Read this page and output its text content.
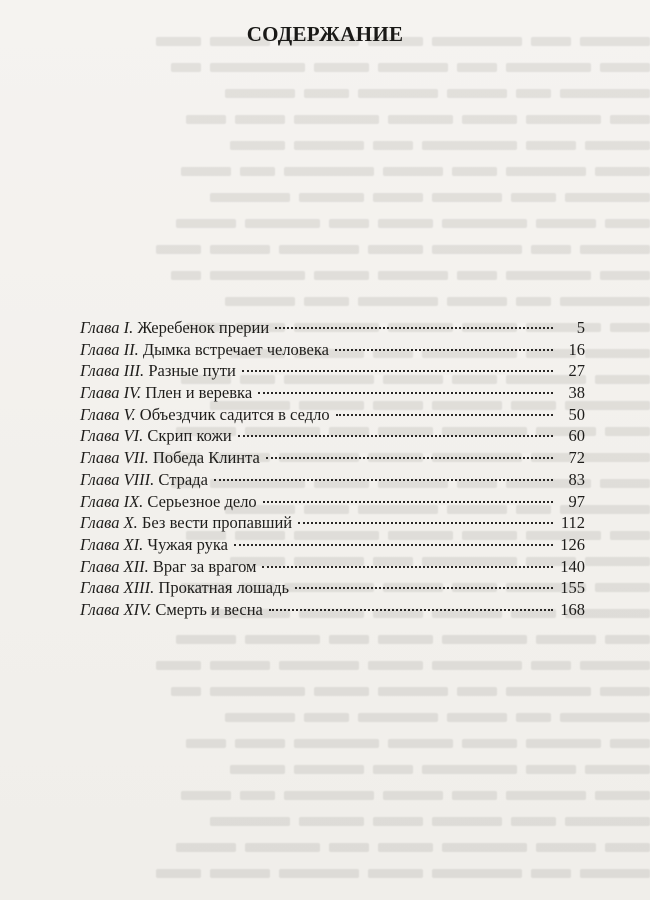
СОДЕРЖАНИЕ
Глава I. Жеребенок прерии	5
Глава II. Дымка встречает человека	16
Глава III. Разные пути	27
Глава IV. Плен и веревка	38
Глава V. Объездчик садится в седло	50
Глава VI. Скрип кожи	60
Глава VII. Победа Клинта	72
Глава VIII. Страда	83
Глава IX. Серьезное дело	97
Глава X. Без вести пропавший	112
Глава XI. Чужая рука	126
Глава XII. Враг за врагом	140
Глава XIII. Прокатная лошадь	155
Глава XIV. Смерть и весна	168
